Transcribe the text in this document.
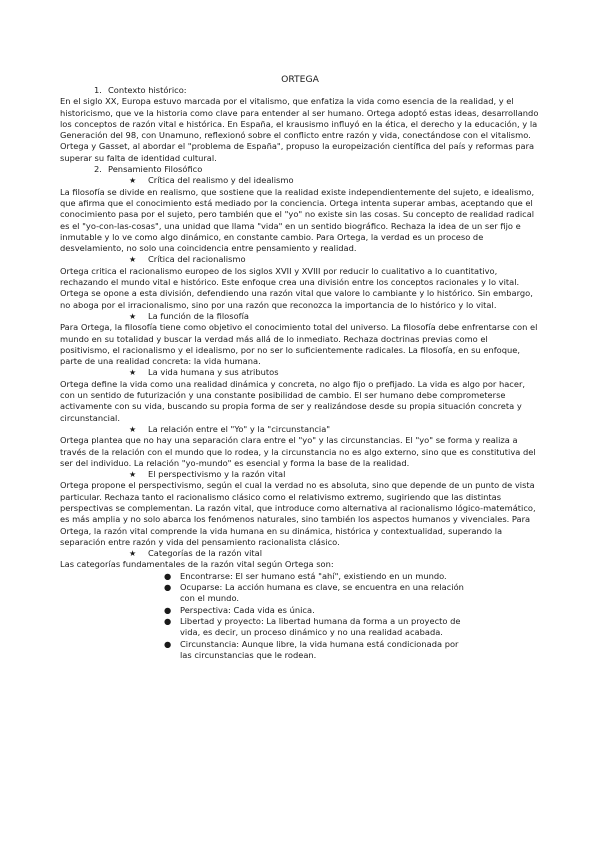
ORTEGA
1. Contexto histórico:

En el siglo XX, Europa estuvo marcada por el vitalismo, que enfatiza la vida como esencia de la realidad, y el historicismo, que ve la historia como clave para entender al ser humano. Ortega adoptó estas ideas, desarrollando los conceptos de razón vital e histórica. En España, el krausismo influyó en la ética, el derecho y la educación, y la Generación del 98, con Unamuno, reflexionó sobre el conflicto entre razón y vida, conectándose con el vitalismo. Ortega y Gasset, al abordar el "problema de España", propuso la europeización científica del país y reformas para superar su falta de identidad cultural.

2. Pensamiento Filosófico
★ Crítica del realismo y del idealismo

La filosofía se divide en realismo, que sostiene que la realidad existe independientemente del sujeto, e idealismo, que afirma que el conocimiento está mediado por la conciencia. Ortega intenta superar ambas, aceptando que el conocimiento pasa por el sujeto, pero también que el "yo" no existe sin las cosas. Su concepto de realidad radical es el "yo-con-las-cosas", una unidad que llama "vida" en un sentido biográfico. Rechaza la idea de un ser fijo e inmutable y lo ve como algo dinámico, en constante cambio. Para Ortega, la verdad es un proceso de desvelamiento, no solo una coincidencia entre pensamiento y realidad.

★ Crítica del racionalismo

Ortega critica el racionalismo europeo de los siglos XVII y XVIII por reducir lo cualitativo a lo cuantitativo, rechazando el mundo vital e histórico. Este enfoque crea una división entre los conceptos racionales y lo vital. Ortega se opone a esta división, defendiendo una razón vital que valore lo cambiante y lo histórico. Sin embargo, no aboga por el irracionalismo, sino por una razón que reconozca la importancia de lo histórico y lo vital.

★ La función de la filosofía

Para Ortega, la filosofía tiene como objetivo el conocimiento total del universo. La filosofía debe enfrentarse con el mundo en su totalidad y buscar la verdad más allá de lo inmediato. Rechaza doctrinas previas como el positivismo, el racionalismo y el idealismo, por no ser lo suficientemente radicales. La filosofía, en su enfoque, parte de una realidad concreta: la vida humana.

★ La vida humana y sus atributos

Ortega define la vida como una realidad dinámica y concreta, no algo fijo o prefijado. La vida es algo por hacer, con un sentido de futurización y una constante posibilidad de cambio. El ser humano debe comprometerse activamente con su vida, buscando su propia forma de ser y realizándose desde su propia situación concreta y circunstancial.

★ La relación entre el "Yo" y la "circunstancia"

Ortega plantea que no hay una separación clara entre el "yo" y las circunstancias. El "yo" se forma y realiza a través de la relación con el mundo que lo rodea, y la circunstancia no es algo externo, sino que es constitutiva del ser del individuo. La relación "yo-mundo" es esencial y forma la base de la realidad.

★ El perspectivismo y la razón vital

Ortega propone el perspectivismo, según el cual la verdad no es absoluta, sino que depende de un punto de vista particular. Rechaza tanto el racionalismo clásico como el relativismo extremo, sugiriendo que las distintas perspectivas se complementan. La razón vital, que introduce como alternativa al racionalismo lógico-matemático, es más amplia y no solo abarca los fenómenos naturales, sino también los aspectos humanos y vivenciales. Para Ortega, la razón vital comprende la vida humana en su dinámica, histórica y contextualidad, superando la separación entre razón y vida del pensamiento racionalista clásico.

★ Categorías de la razón vital

Las categorías fundamentales de la razón vital según Ortega son:

● Encontrarse: El ser humano está "ahí", existiendo en un mundo.
● Ocuparse: La acción humana es clave, se encuentra en una relación con el mundo.
● Perspectiva: Cada vida es única.
● Libertad y proyecto: La libertad humana da forma a un proyecto de vida, es decir, un proceso dinámico y no una realidad acabada.
● Circunstancia: Aunque libre, la vida humana está condicionada por las circunstancias que le rodean.
